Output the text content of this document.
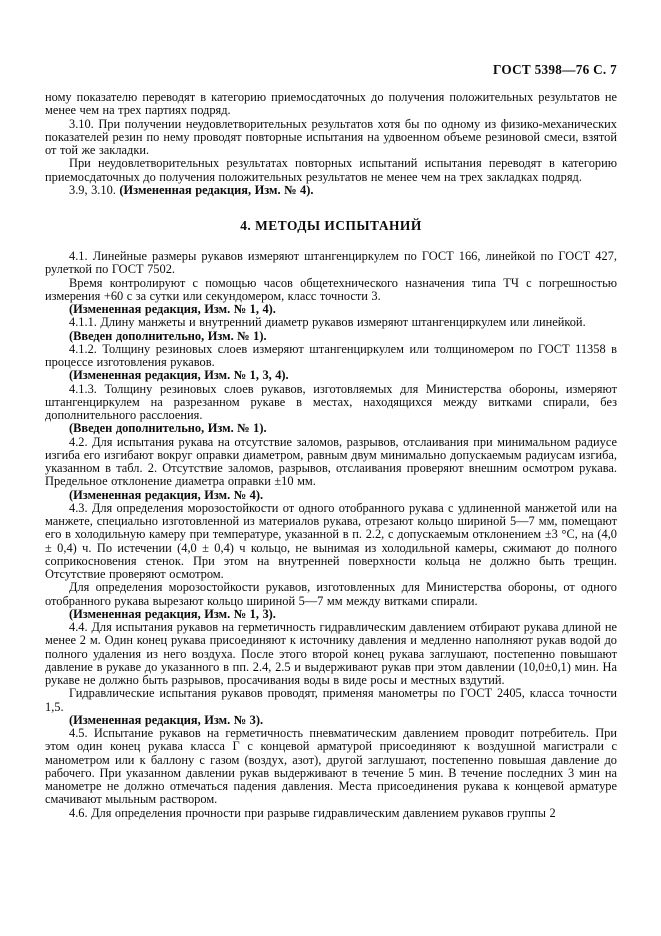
ГОСТ 5398—76 С. 7

ному показателю переводят в категорию приемосдаточных до получения положительных результатов не менее чем на трех партиях подряд.

3.10. При получении неудовлетворительных результатов хотя бы по одному из физико-механических показателей резин по нему проводят повторные испытания на удвоенном объеме резиновой смеси, взятой от той же закладки.

При неудовлетворительных результатах повторных испытаний испытания переводят в категорию приемосдаточных до получения положительных результатов не менее чем на трех закладках подряд.

3.9, 3.10. (Измененная редакция, Изм. № 4).

4. МЕТОДЫ ИСПЫТАНИЙ

4.1. Линейные размеры рукавов измеряют штангенциркулем по ГОСТ 166, линейкой по ГОСТ 427, рулеткой по ГОСТ 7502.

Время контролируют с помощью часов общетехнического назначения типа ТЧ с погрешностью измерения +60 с за сутки или секундомером, класс точности 3.

(Измененная редакция, Изм. № 1, 4).

4.1.1. Длину манжеты и внутренний диаметр рукавов измеряют штангенциркулем или линейкой.

(Введен дополнительно, Изм. № 1).

4.1.2. Толщину резиновых слоев измеряют штангенциркулем или толщиномером по ГОСТ 11358 в процессе изготовления рукавов.

(Измененная редакция, Изм. № 1, 3, 4).

4.1.3. Толщину резиновых слоев рукавов, изготовляемых для Министерства обороны, измеряют штангенциркулем на разрезанном рукаве в местах, находящихся между витками спирали, без дополнительного расслоения.

(Введен дополнительно, Изм. № 1).

4.2. Для испытания рукава на отсутствие заломов, разрывов, отслаивания при минимальном радиусе изгиба его изгибают вокруг оправки диаметром, равным двум минимально допускаемым радиусам изгиба, указанном в табл. 2. Отсутствие заломов, разрывов, отслаивания проверяют внешним осмотром рукава. Предельное отклонение диаметра оправки ±10 мм.

(Измененная редакция, Изм. № 4).

4.3. Для определения морозостойкости от одного отобранного рукава с удлиненной манжетой или на манжете, специально изготовленной из материалов рукава, отрезают кольцо шириной 5—7 мм, помещают его в холодильную камеру при температуре, указанной в п. 2.2, с допускаемым отклонением ±3 °С, на (4,0 ± 0,4) ч. По истечении (4,0 ± 0,4) ч кольцо, не вынимая из холодильной камеры, сжимают до полного соприкосновения стенок. При этом на внутренней поверхности кольца не должно быть трещин. Отсутствие проверяют осмотром.

Для определения морозостойкости рукавов, изготовленных для Министерства обороны, от одного отобранного рукава вырезают кольцо шириной 5—7 мм между витками спирали.

(Измененная редакция, Изм. № 1, 3).

4.4. Для испытания рукавов на герметичность гидравлическим давлением отбирают рукава длиной не менее 2 м. Один конец рукава присоединяют к источнику давления и медленно наполняют рукав водой до полного удаления из него воздуха. После этого второй конец рукава заглушают, постепенно повышают давление в рукаве до указанного в пп. 2.4, 2.5 и выдерживают рукав при этом давлении (10,0±0,1) мин. На рукаве не должно быть разрывов, просачивания воды в виде росы и местных вздутий.

Гидравлические испытания рукавов проводят, применяя манометры по ГОСТ 2405, класса точности 1,5.

(Измененная редакция, Изм. № 3).

4.5. Испытание рукавов на герметичность пневматическим давлением проводит потребитель. При этом один конец рукава класса Г с концевой арматурой присоединяют к воздушной магистрали с манометром или к баллону с газом (воздух, азот), другой заглушают, постепенно повышая давление до рабочего. При указанном давлении рукав выдерживают в течение 5 мин. В течение последних 3 мин на манометре не должно отмечаться падения давления. Места присоединения рукава к концевой арматуре смачивают мыльным раствором.

4.6. Для определения прочности при разрыве гидравлическим давлением рукавов группы 2
